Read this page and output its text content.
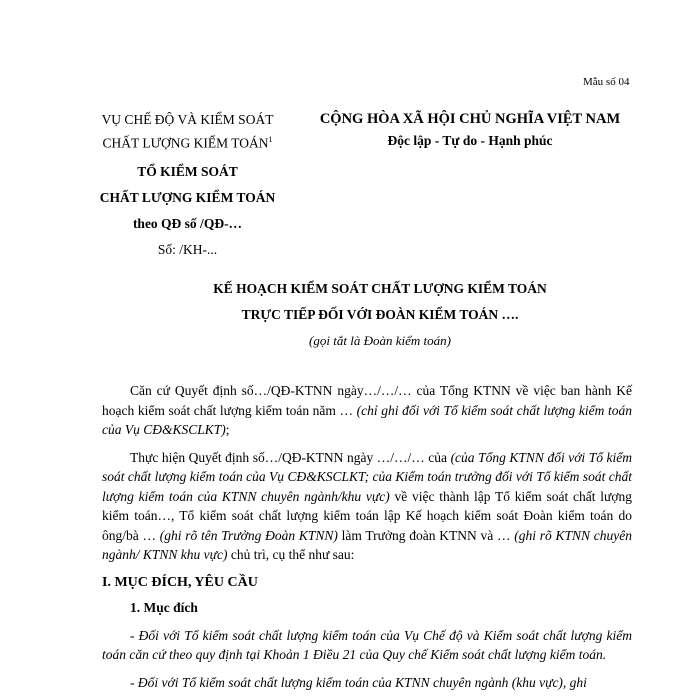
Mẫu số 04
VỤ CHẾ ĐỘ VÀ KIỂM SOÁT
CHẤT LƯỢNG KIỂM TOÁN$^1$
TỔ KIỂM SOÁT
CHẤT LƯỢNG KIỂM TOÁN
theo QĐ số /QĐ-…
Số: /KH-...
CỘNG HÒA XÃ HỘI CHỦ NGHĨA VIỆT NAM
Độc lập - Tự do - Hạnh phúc
KẾ HOẠCH KIỂM SOÁT CHẤT LƯỢNG KIỂM TOÁN
TRỰC TIẾP ĐỐI VỚI ĐOÀN KIỂM TOÁN ….
(gọi tắt là Đoàn kiểm toán)

Căn cứ Quyết định số…/QĐ-KTNN ngày…/…/… của Tổng KTNN về việc ban hành Kế hoạch kiểm soát chất lượng kiểm toán năm … (chỉ ghi đối với Tổ kiểm soát chất lượng kiểm toán của Vụ CĐ&KSCLKT);

Thực hiện Quyết định số…/QĐ-KTNN ngày …/…/… của (của Tổng KTNN đối với Tổ kiểm soát chất lượng kiểm toán của Vụ CĐ&KSCLKT; của Kiểm toán trưởng đối với Tổ kiểm soát chất lượng kiểm toán của KTNN chuyên ngành/khu vực) về việc thành lập Tổ kiểm soát chất lượng kiểm toán…, Tổ kiểm soát chất lượng kiểm toán lập Kế hoạch kiểm soát Đoàn kiểm toán do ông/bà … (ghi rõ tên Trưởng Đoàn KTNN) làm Trưởng đoàn KTNN và … (ghi rõ KTNN chuyên ngành/ KTNN khu vực) chủ trì, cụ thể như sau:

I. MỤC ĐÍCH, YÊU CẦU

1. Mục đích

- Đối với Tổ kiểm soát chất lượng kiểm toán của Vụ Chế độ và Kiểm soát chất lượng kiểm toán căn cứ theo quy định tại Khoản 1 Điều 21 của Quy chế Kiểm soát chất lượng kiểm toán.

- Đối với Tổ kiểm soát chất lượng kiểm toán của KTNN chuyên ngành (khu vực), ghi
